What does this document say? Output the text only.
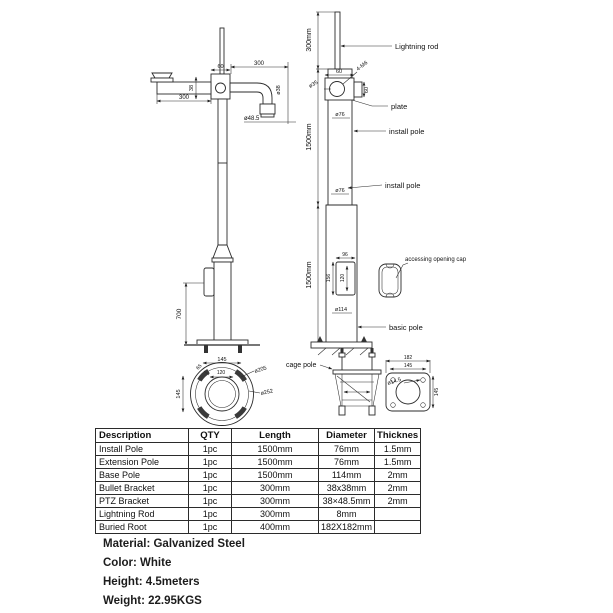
60
300
38
300
ø38
ø48.5
700
145
145
ø205
ø252
65
120
60 4-M6
ø35
60
ø76
300mm
1500mm
1500mm
ø76
96
156 120
ø114
Lightning rod
plate
install pole
install pole
accessing opening cap
basic pole
cage pole
182
145
145
ø14.5
Description	QTY	Length	Diameter	Thicknes
Install Pole	1pc	1500mm	76mm	1.5mm
Extension Pole	1pc	1500mm	76mm	1.5mm
Base Pole	1pc	1500mm	114mm	2mm
Bullet Bracket	1pc	300mm	38x38mm	2mm
PTZ Bracket	1pc	300mm	38×48.5mm	2mm
Lightning Rod	1pc	300mm	8mm	
Buried Root	1pc	400mm	182X182mm	
Material: Galvanized Steel
Color: White
Height: 4.5meters
Weight: 22.95KGS
